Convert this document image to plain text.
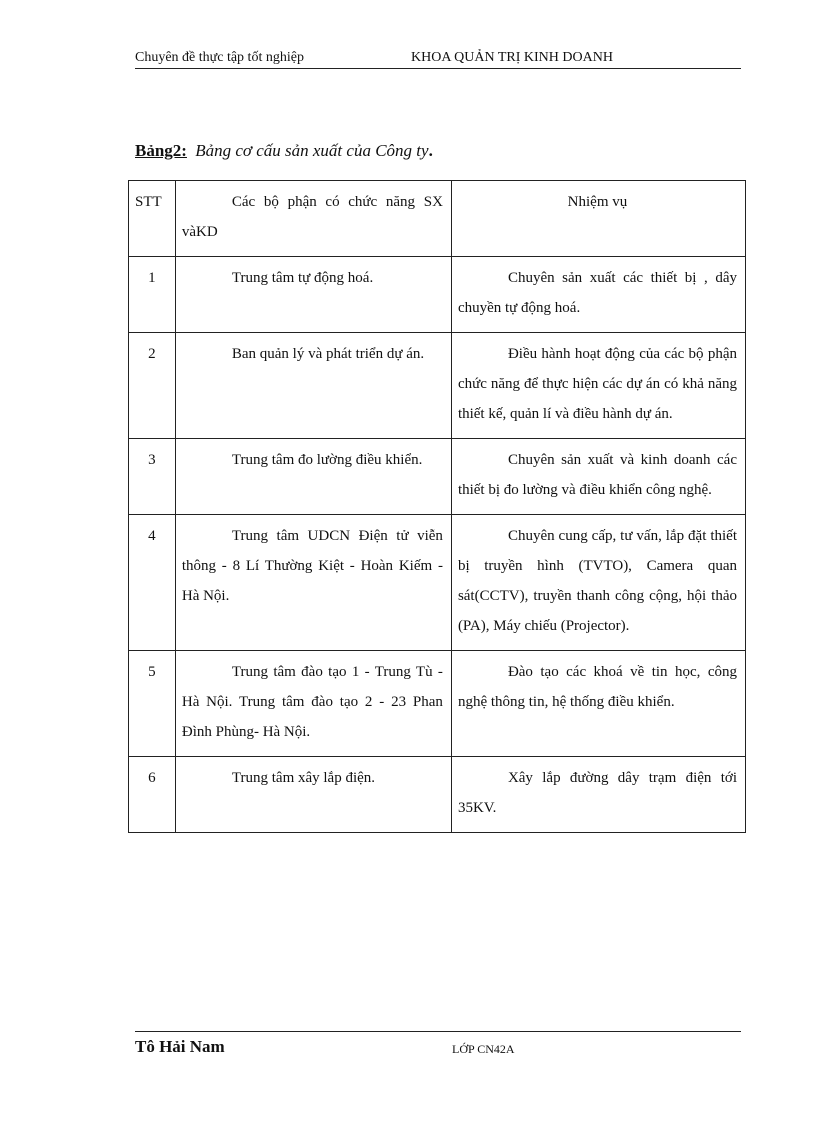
Chuyên đề thực tập tốt nghiệp	KHOA QUẢN TRỊ KINH DOANH
Bảng2: Bảng cơ cấu sản xuất của Công ty.
STT	Các bộ phận có chức năng SX vàKD	Nhiệm vụ

1	Trung tâm tự động hoá.	Chuyên sản xuất các thiết bị , dây chuyền tự động hoá.

2	Ban quản lý và phát triển dự án.	Điều hành hoạt động của các bộ phận chức năng để thực hiện các dự án có khả năng thiết kế, quản lí và điều hành dự án.

3	Trung tâm đo lường điều khiển.	Chuyên sản xuất và kinh doanh các thiết bị đo lường và điều khiển công nghệ.

4	Trung tâm UDCN Điện tử viễn thông - 8 Lí Thường Kiệt - Hoàn Kiếm - Hà Nội.	Chuyên cung cấp, tư vấn, lắp đặt thiết bị truyền hình (TVTO), Camera quan sát(CCTV), truyền thanh công cộng, hội thảo (PA), Máy chiếu (Projector).

5	Trung tâm đào tạo 1 - Trung Tù - Hà Nội. Trung tâm đào tạo 2 - 23 Phan Đình Phùng- Hà Nội.	Đào tạo các khoá về tin học, công nghệ thông tin, hệ thống điều khiển.

6	Trung tâm xây lắp điện.	Xây lắp đường dây trạm điện tới 35KV.
Tô Hải Nam	LỚP CN42A
